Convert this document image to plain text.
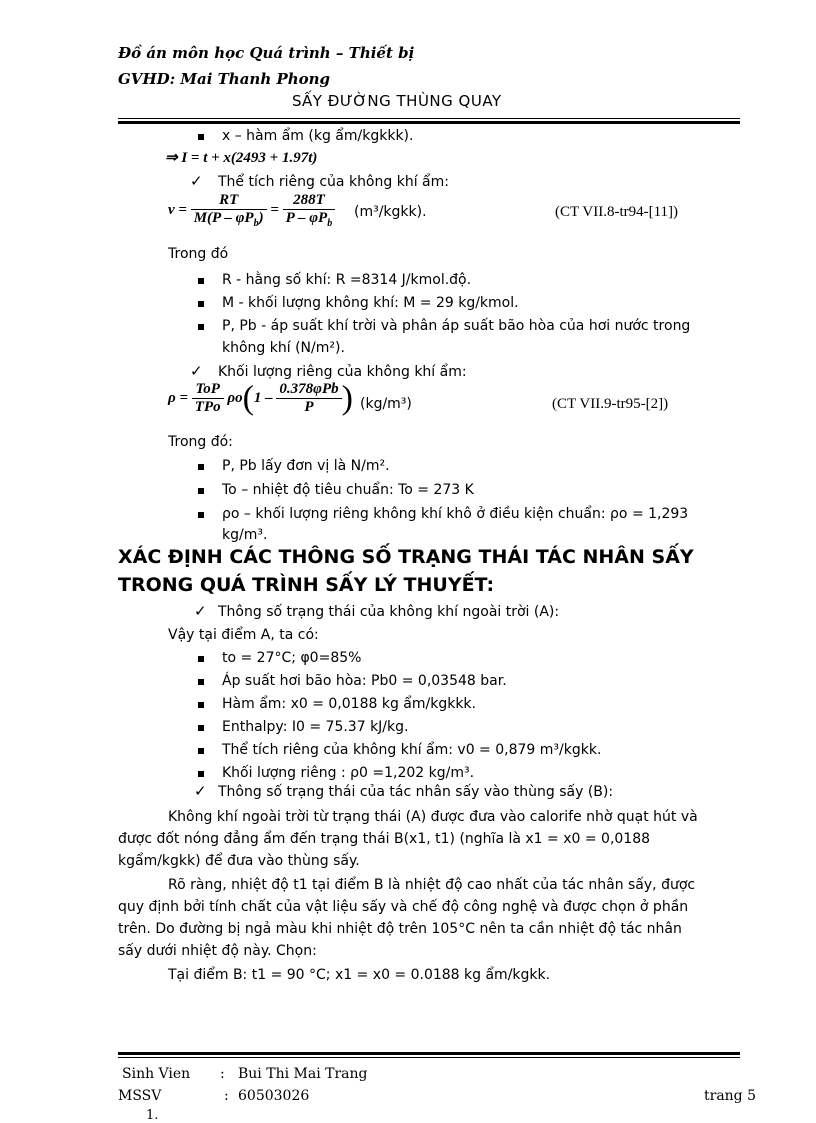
Đồ án môn học Quá trình – Thiết bị
GVHD: Mai Thanh Phong
SẤY ĐƯỜNG THÙNG QUAY
x – hàm ẩm (kg ẩm/kgkkk).
⇒ I = t + x(2493 + 1.97t)
✓ Thể tích riêng của không khí ẩm:
$v = \frac{RT}{M(P - \varphi P_b)} = \frac{288T}{P - \varphi P_b}$ (m³/kgkk).	(CT VII.8-tr94-[11])
Trong đó
R - hằng số khí: R =8314 J/kmol.độ.
M - khối lượng không khí: M = 29 kg/kmol.
P, Pb - áp suất khí trời và phân áp suất bão hòa của hơi nước trong
không khí (N/m²).
✓ Khối lượng riêng của không khí ẩm:
$\rho = \frac{\text{ToP}}{\text{TPo}} \rho o(1 - \frac{\text{0.378φPb}}{P}$ ) (kg/m³)	(CT VII.9-tr95-[2])
Trong đó:
P, Pb lấy đơn vị là N/m².
To – nhiệt độ tiêu chuẩn: To = 273 K
ρo – khối lượng riêng không khí khô ở điều kiện chuẩn: ρo = 1,293
kg/m³.
XÁC ĐỊNH CÁC THÔNG SỐ TRẠNG THÁI TÁC NHÂN SẤY
TRONG QUÁ TRÌNH SẤY LÝ THUYẾT:
✓ Thông số trạng thái của không khí ngoài trời (A):
Vậy tại điểm A, ta có:
to = 27°C; φ0=85%
Áp suất hơi bão hòa: Pb0 = 0,03548 bar.
Hàm ẩm: x0 = 0,0188 kg ẩm/kgkkk.
Enthalpy: I0 = 75.37 kJ/kg.
Thể tích riêng của không khí ẩm: v0 = 0,879 m³/kgkk.
Khối lượng riêng : ρ0 =1,202 kg/m³.
✓ Thông số trạng thái của tác nhân sấy vào thùng sấy (B):
Không khí ngoài trời từ trạng thái (A) được đưa vào calorife nhờ quạt hút và
được đốt nóng đẳng ẩm đến trạng thái B(x1, t1) (nghĩa là x1 = x0 = 0,0188
kgẩm/kgkk) để đưa vào thùng sấy.
Rõ ràng, nhiệt độ t1 tại điểm B là nhiệt độ cao nhất của tác nhân sấy, được
quy định bởi tính chất của vật liệu sấy và chế độ công nghệ và được chọn ở phần
trên. Do đường bị ngả màu khi nhiệt độ trên 105°C nên ta cần nhiệt độ tác nhân
sấy dưới nhiệt độ này. Chọn:
Tại điểm B: t1 = 90 °C; x1 = x0 = 0.0188 kg ẩm/kgkk.
Sinh Vien : Bui Thi Mai Trang
MSSV	: 60503026	trang 5
1.
